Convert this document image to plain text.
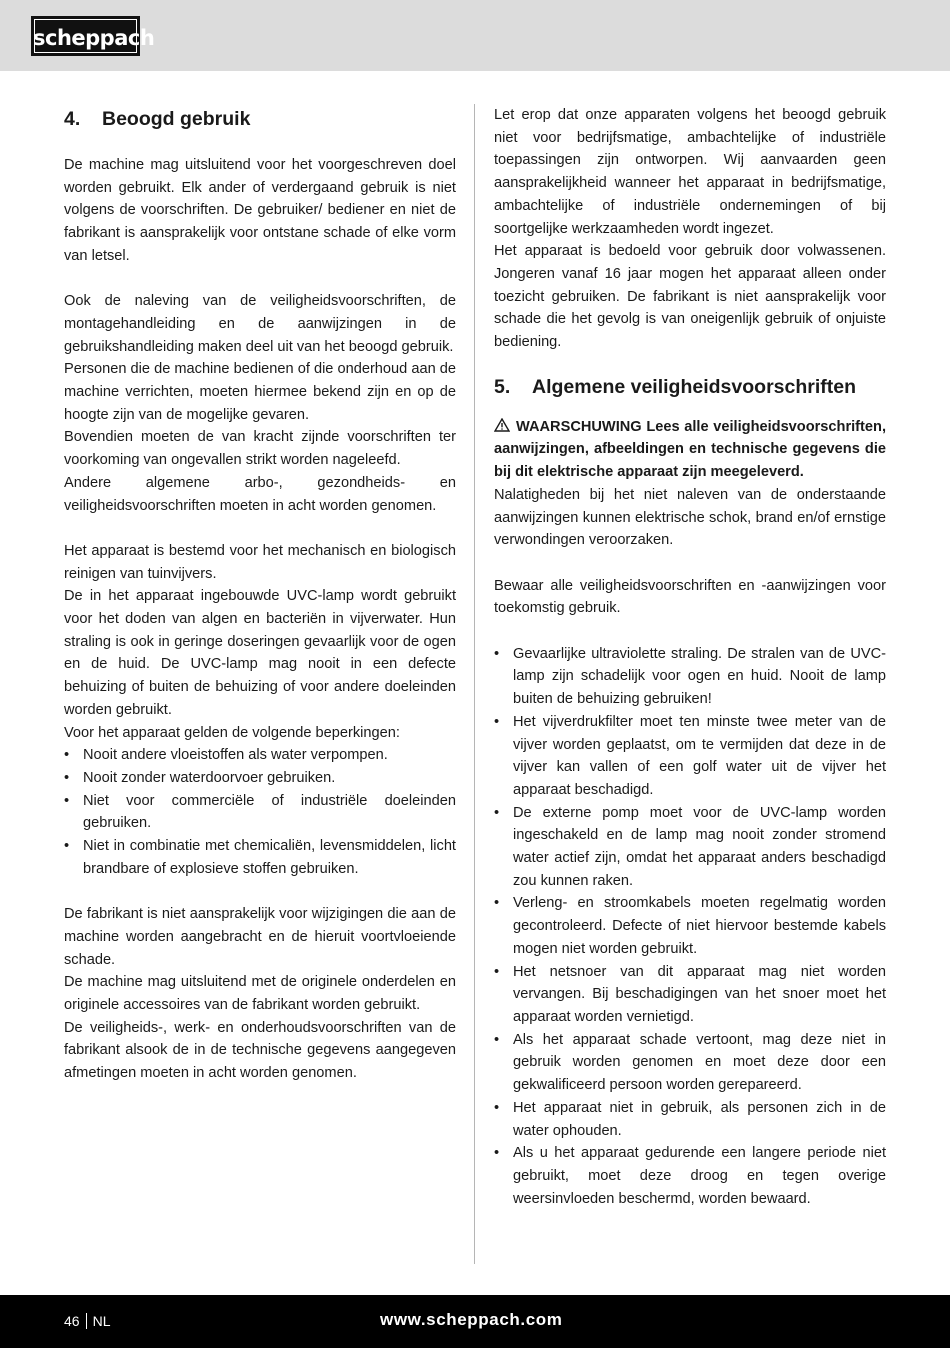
scheppach
4.	Beoogd gebruik

De machine mag uitsluitend voor het voorgeschreven doel worden gebruikt. Elk ander of verdergaand gebruik is niet volgens de voorschriften. De gebruiker/ bediener en niet de fabrikant is aansprakelijk voor ontstane schade of elke vorm van letsel.

Ook de naleving van de veiligheidsvoorschriften, de montagehandleiding en de aanwijzingen in de gebruikshandleiding maken deel uit van het beoogd gebruik.

Personen die de machine bedienen of die onderhoud aan de machine verrichten, moeten hiermee bekend zijn en op de hoogte zijn van de mogelijke gevaren.

Bovendien moeten de van kracht zijnde voorschriften ter voorkoming van ongevallen strikt worden nageleefd.

Andere algemene arbo-, gezondheids- en veiligheidsvoorschriften moeten in acht worden genomen.

Het apparaat is bestemd voor het mechanisch en biologisch reinigen van tuinvijvers.

De in het apparaat ingebouwde UVC-lamp wordt gebruikt voor het doden van algen en bacteriën in vijverwater. Hun straling is ook in geringe doseringen gevaarlijk voor de ogen en de huid. De UVC-lamp mag nooit in een defecte behuizing of buiten de behuizing of voor andere doeleinden worden gebruikt.

Voor het apparaat gelden de volgende beperkingen:

• Nooit andere vloeistoffen als water verpompen.
• Nooit zonder waterdoorvoer gebruiken.
• Niet voor commerciële of industriële doeleinden gebruiken.
• Niet in combinatie met chemicaliën, levensmiddelen, licht brandbare of explosieve stoffen gebruiken.

De fabrikant is niet aansprakelijk voor wijzigingen die aan de machine worden aangebracht en de hieruit voortvloeiende schade.

De machine mag uitsluitend met de originele onderdelen en originele accessoires van de fabrikant worden gebruikt.

De veiligheids-, werk- en onderhoudsvoorschriften van de fabrikant alsook de in de technische gegevens aangegeven afmetingen moeten in acht worden genomen.

Let erop dat onze apparaten volgens het beoogd gebruik niet voor bedrijfsmatige, ambachtelijke of industriële toepassingen zijn ontworpen. Wij aanvaarden geen aansprakelijkheid wanneer het apparaat in bedrijfsmatige, ambachtelijke of industriële ondernemingen of bij soortgelijke werkzaamheden wordt ingezet.

Het apparaat is bedoeld voor gebruik door volwassenen. Jongeren vanaf 16 jaar mogen het apparaat alleen onder toezicht gebruiken. De fabrikant is niet aansprakelijk voor schade die het gevolg is van oneigenlijk gebruik of onjuiste bediening.

5.	Algemene veiligheidsvoorschriften

WAARSCHUWING Lees alle veiligheidsvoorschriften, aanwijzingen, afbeeldingen en technische gegevens die bij dit elektrische apparaat zijn meegeleverd.

Nalatigheden bij het niet naleven van de onderstaande aanwijzingen kunnen elektrische schok, brand en/of ernstige verwondingen veroorzaken.

Bewaar alle veiligheidsvoorschriften en -aanwijzingen voor toekomstig gebruik.

• Gevaarlijke ultraviolette straling. De stralen van de UVC-lamp zijn schadelijk voor ogen en huid. Nooit de lamp buiten de behuizing gebruiken!
• Het vijverdrukfilter moet ten minste twee meter van de vijver worden geplaatst, om te vermijden dat deze in de vijver kan vallen of een golf water uit de vijver het apparaat beschadigd.
• De externe pomp moet voor de UVC-lamp worden ingeschakeld en de lamp mag nooit zonder stromend water actief zijn, omdat het apparaat anders beschadigd zou kunnen raken.
• Verleng- en stroomkabels moeten regelmatig worden gecontroleerd. Defecte of niet hiervoor bestemde kabels mogen niet worden gebruikt.
• Het netsnoer van dit apparaat mag niet worden vervangen. Bij beschadigingen van het snoer moet het apparaat worden vernietigd.
• Als het apparaat schade vertoont, mag deze niet in gebruik worden genomen en moet deze door een gekwalificeerd persoon worden gerepareerd.
• Het apparaat niet in gebruik, als personen zich in de water ophouden.
• Als u het apparaat gedurende een langere periode niet gebruikt, moet deze droog en tegen overige weersinvloeden beschermd, worden bewaard.
46 NL	www.scheppach.com
